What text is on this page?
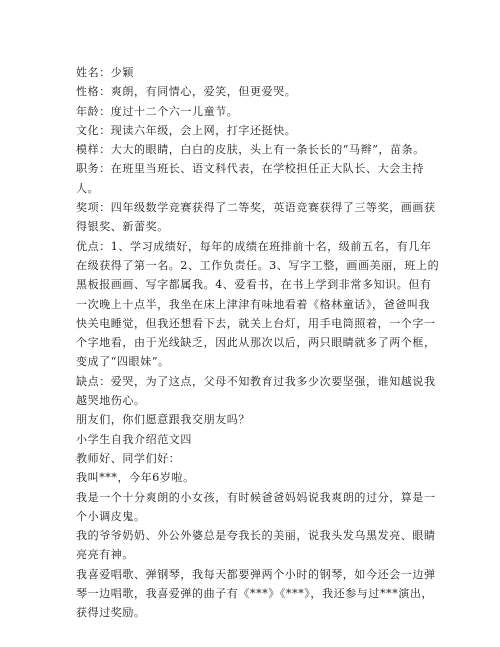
姓名：少颖

性格：爽朗，有同情心，爱笑，但更爱哭。

年龄：度过十二个六一儿童节。

文化：现读六年级，会上网，打字还挺快。

模样：大大的眼睛，白白的皮肤，头上有一条长长的“马辫”，苗条。

职务：在班里当班长、语文科代表，在学校担任正大队长、大会主持人。

奖项：四年级数学竞赛获得了二等奖，英语竞赛获得了三等奖，画画获得银奖、新蕾奖。

优点：1、学习成绩好，每年的成绩在班排前十名，级前五名，有几年在级获得了第一名。2、工作负责任。3、写字工整，画画美丽，班上的黑板报画画、写字都属我。4、爱看书，在书上学到非常多知识。但有一次晚上十点半，我坐在床上津津有味地看着《格林童话》，爸爸叫我快关电睡觉，但我还想看下去，就关上台灯，用手电筒照着，一个字一个字地看，由于光线缺乏，因此从那次以后，两只眼睛就多了两个框，变成了“四眼妹”。

缺点：爱哭，为了这点，父母不知教育过我多少次要坚强，谁知越说我越哭地伤心。

朋友们，你们愿意跟我交朋友吗？

小学生自我介绍范文四

教师好、同学们好：

我叫***，今年6岁啦。

我是一个十分爽朗的小女孩，有时候爸爸妈妈说我爽朗的过分，算是一个小调皮鬼。

我的爷爷奶奶、外公外婆总是夸我长的美丽，说我头发乌黑发亮、眼睛亮亮有神。

我喜爱唱歌、弹钢琴，我每天都要弹两个小时的钢琴，如今还会一边弹琴一边唱歌，我喜爱弹的曲子有《***》《***》，我还参与过***演出，获得过奖励。
